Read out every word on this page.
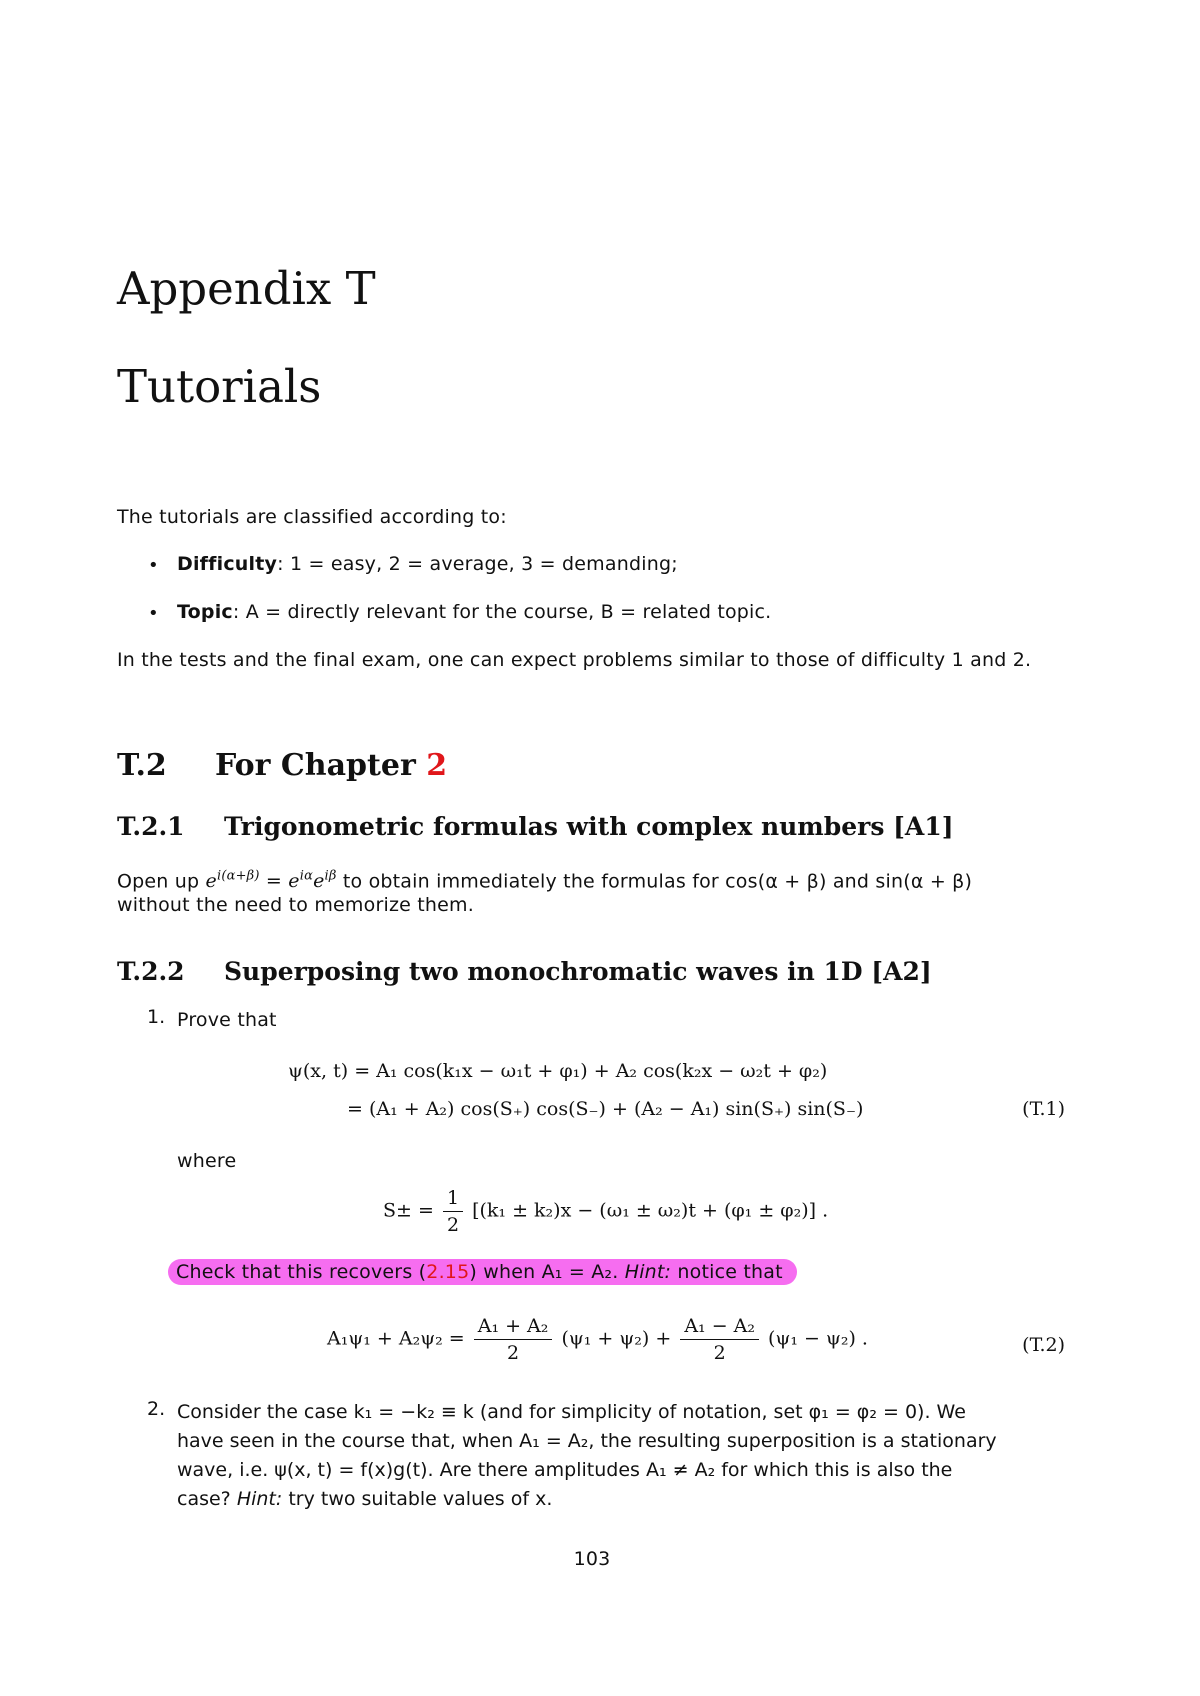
Appendix T
Tutorials
The tutorials are classified according to:
• Difficulty: 1 = easy, 2 = average, 3 = demanding;
• Topic: A = directly relevant for the course, B = related topic.
In the tests and the final exam, one can expect problems similar to those of difficulty 1 and 2.
T.2 For Chapter 2
T.2.1 Trigonometric formulas with complex numbers [A1]
Open up $e^{i(\alpha+\beta)} = e^{i\alpha}e^{i\beta}$ to obtain immediately the formulas for cos(α + β) and sin(α + β)
without the need to memorize them.
T.2.2 Superposing two monochromatic waves in 1D [A2]
1. Prove that
ψ(x, t) = A₁ cos(k₁x − ω₁t + φ₁) + A₂ cos(k₂x − ω₂t + φ₂)
= (A₁ + A₂) cos(S₊) cos(S₋) + (A₂ − A₁) sin(S₊) sin(S₋)	(T.1)
where
$S\pm = \frac{1}{2} [(k_1 \pm k_2)x - (\omega_1 \pm \omega_2)t + (\varphi_1 \pm \varphi_2)]$ .
Check that this recovers (2.15) when A₁ = A₂. Hint: notice that
$A_1\psi_1 + A_2\psi_2 = \frac{\text{A₁ + A₂}}{2} (\psi_1 + \psi_2) + \frac{\text{A₁ − A₂}}{2} (\psi_1 - \psi_2)$ .	(T.2)
2. Consider the case k₁ = −k₂ ≡ k (and for simplicity of notation, set φ₁ = φ₂ = 0). We
have seen in the course that, when A₁ = A₂, the resulting superposition is a stationary
wave, i.e. ψ(x, t) = f(x)g(t). Are there amplitudes A₁ ≠ A₂ for which this is also the
case? Hint: try two suitable values of x.
103
